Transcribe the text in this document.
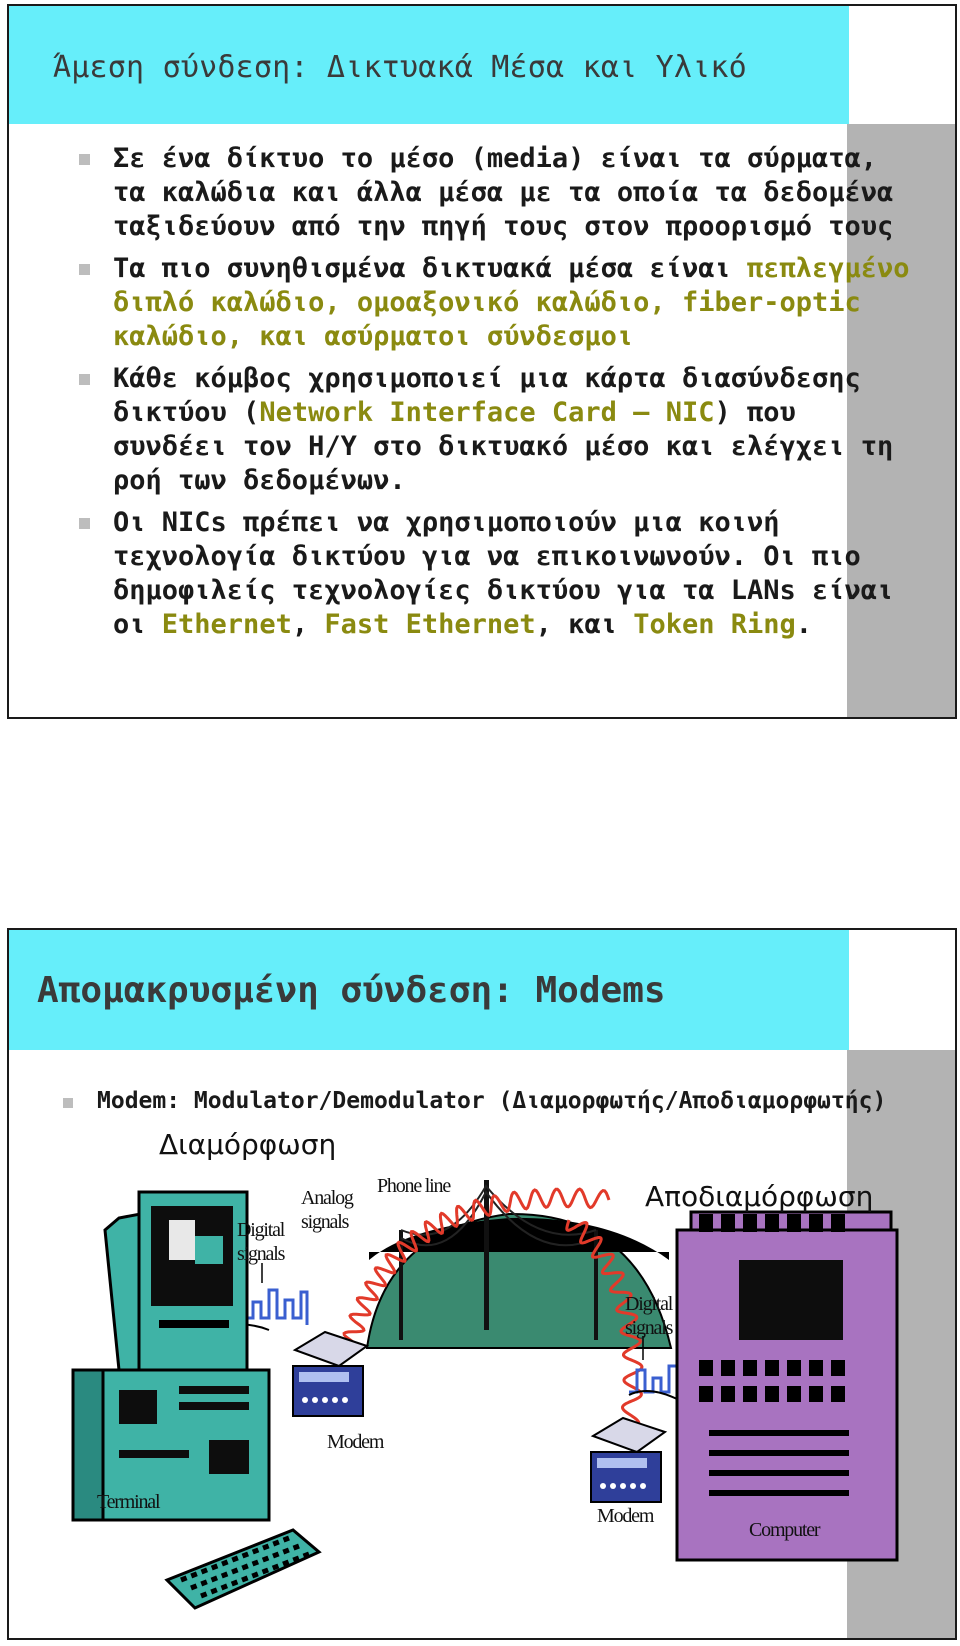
Άμεση σύνδεση: Δικτυακά Μέσα και Υλικό
Σε ένα δίκτυο το μέσο (media) είναι τα σύρματα, τα καλώδια και άλλα μέσα με τα οποία τα δεδομένα ταξιδεύουν από την πηγή τους στον προορισμό τους
Τα πιο συνηθισμένα δικτυακά μέσα είναι πεπλεγμένο διπλό καλώδιο, ομοαξονικό καλώδιο, fiber-optic καλώδιο, και ασύρματοι σύνδεσμοι
Κάθε κόμβος χρησιμοποιεί μια κάρτα διασύνδεσης δικτύου (Network Interface Card – NIC) που συνδέει τον Η/Υ στο δικτυακό μέσο και ελέγχει τη ροή των δεδομένων.
Οι NICs πρέπει να χρησιμοποιούν μια κοινή τεχνολογία δικτύου για να επικοινωνούν. Οι πιο δημοφιλείς τεχνολογίες δικτύου για τα LANs είναι οι Ethernet, Fast Ethernet, και Token Ring.
Απομακρυσμένη σύνδεση: Modems
Modem: Modulator/Demodulator (Διαμορφωτής/Αποδιαμορφωτής)
Διαμόρφωση
Αποδιαμόρφωση
Digital signals
Analog signals
Phone line
Digital signals
Modem
Modem
Terminal
Computer
